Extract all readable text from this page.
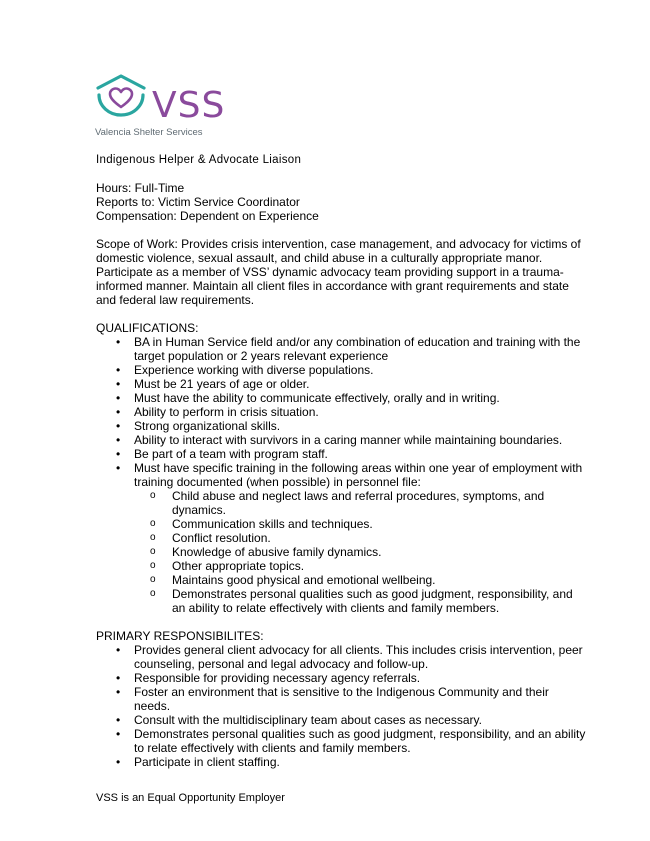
VSS
Valencia Shelter Services
Indigenous Helper & Advocate Liaison
Hours: Full-Time
Reports to: Victim Service Coordinator
Compensation: Dependent on Experience
Scope of Work: Provides crisis intervention, case management, and advocacy for victims of domestic violence, sexual assault, and child abuse in a culturally appropriate manor. Participate as a member of VSS’ dynamic advocacy team providing support in a trauma-informed manner. Maintain all client files in accordance with grant requirements and state and federal law requirements.
QUALIFICATIONS:
• BA in Human Service field and/or any combination of education and training with the target population or 2 years relevant experience
• Experience working with diverse populations.
• Must be 21 years of age or older.
• Must have the ability to communicate effectively, orally and in writing.
• Ability to perform in crisis situation.
• Strong organizational skills.
• Ability to interact with survivors in a caring manner while maintaining boundaries.
• Be part of a team with program staff.
• Must have specific training in the following areas within one year of employment with training documented (when possible) in personnel file:
o Child abuse and neglect laws and referral procedures, symptoms, and dynamics.
o Communication skills and techniques.
o Conflict resolution.
o Knowledge of abusive family dynamics.
o Other appropriate topics.
o Maintains good physical and emotional wellbeing.
o Demonstrates personal qualities such as good judgment, responsibility, and an ability to relate effectively with clients and family members.
PRIMARY RESPONSIBILITES:
• Provides general client advocacy for all clients. This includes crisis intervention, peer counseling, personal and legal advocacy and follow-up.
• Responsible for providing necessary agency referrals.
• Foster an environment that is sensitive to the Indigenous Community and their needs.
• Consult with the multidisciplinary team about cases as necessary.
• Demonstrates personal qualities such as good judgment, responsibility, and an ability to relate effectively with clients and family members.
• Participate in client staffing.
VSS is an Equal Opportunity Employer
